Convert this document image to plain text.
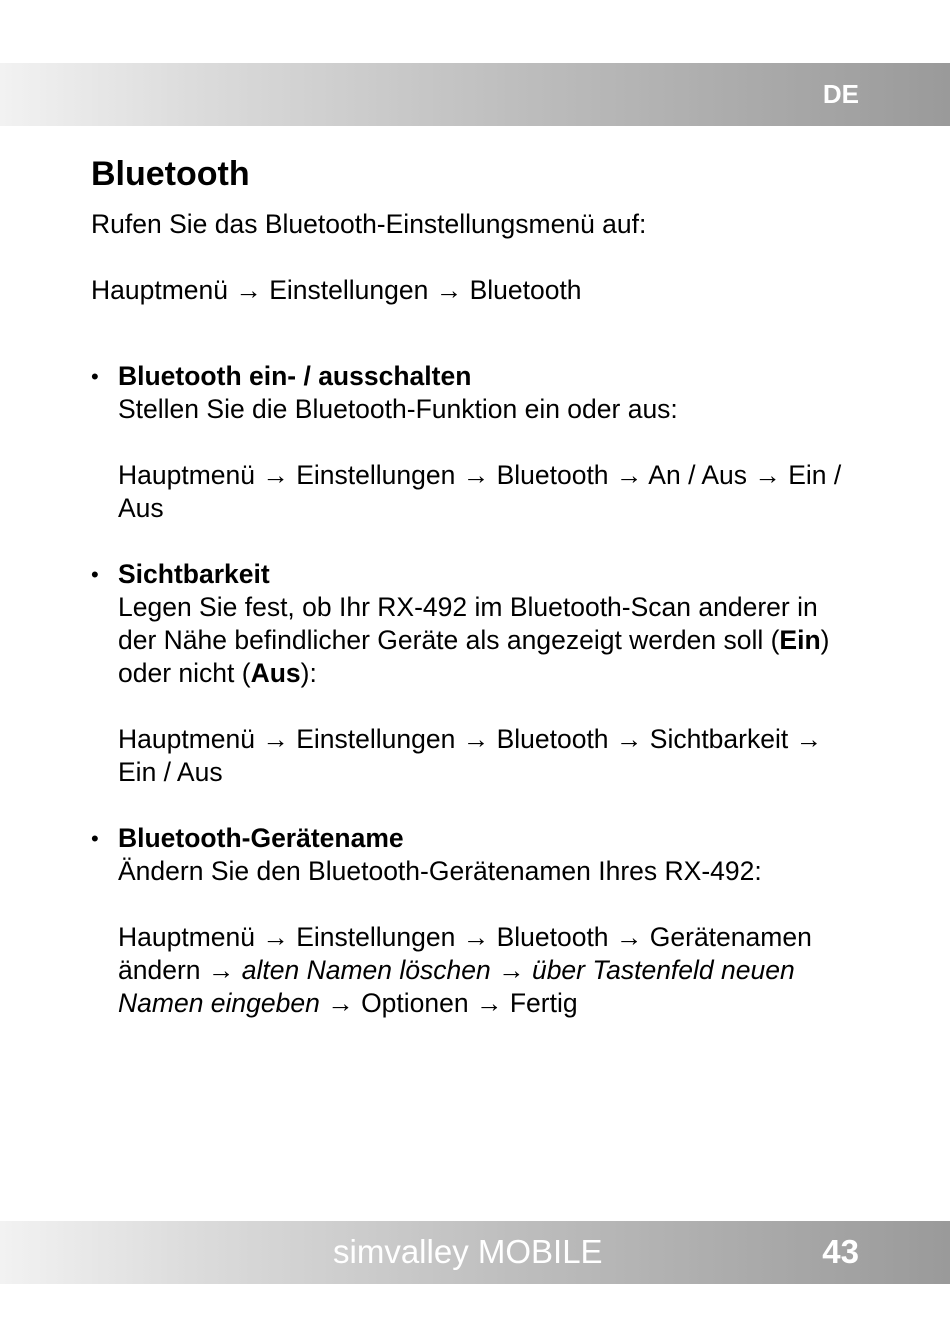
DE
Bluetooth

Rufen Sie das Bluetooth-Einstellungsmenü auf:

Hauptmenü → Einstellungen → Bluetooth

• Bluetooth ein- / ausschalten

Stellen Sie die Bluetooth-Funktion ein oder aus:

Hauptmenü → Einstellungen → Bluetooth → An / Aus → Ein / Aus

• Sichtbarkeit

Legen Sie fest, ob Ihr RX-492 im Bluetooth-Scan anderer in der Nähe befindlicher Geräte als angezeigt werden soll (Ein) oder nicht (Aus):

Hauptmenü → Einstellungen → Bluetooth → Sichtbarkeit → Ein / Aus

• Bluetooth-Gerätename

Ändern Sie den Bluetooth-Gerätenamen Ihres RX-492:

Hauptmenü → Einstellungen → Bluetooth → Gerätenamen ändern → alten Namen löschen → über Tastenfeld neuen Namen eingeben → Optionen → Fertig

simvalley MOBILE	43
